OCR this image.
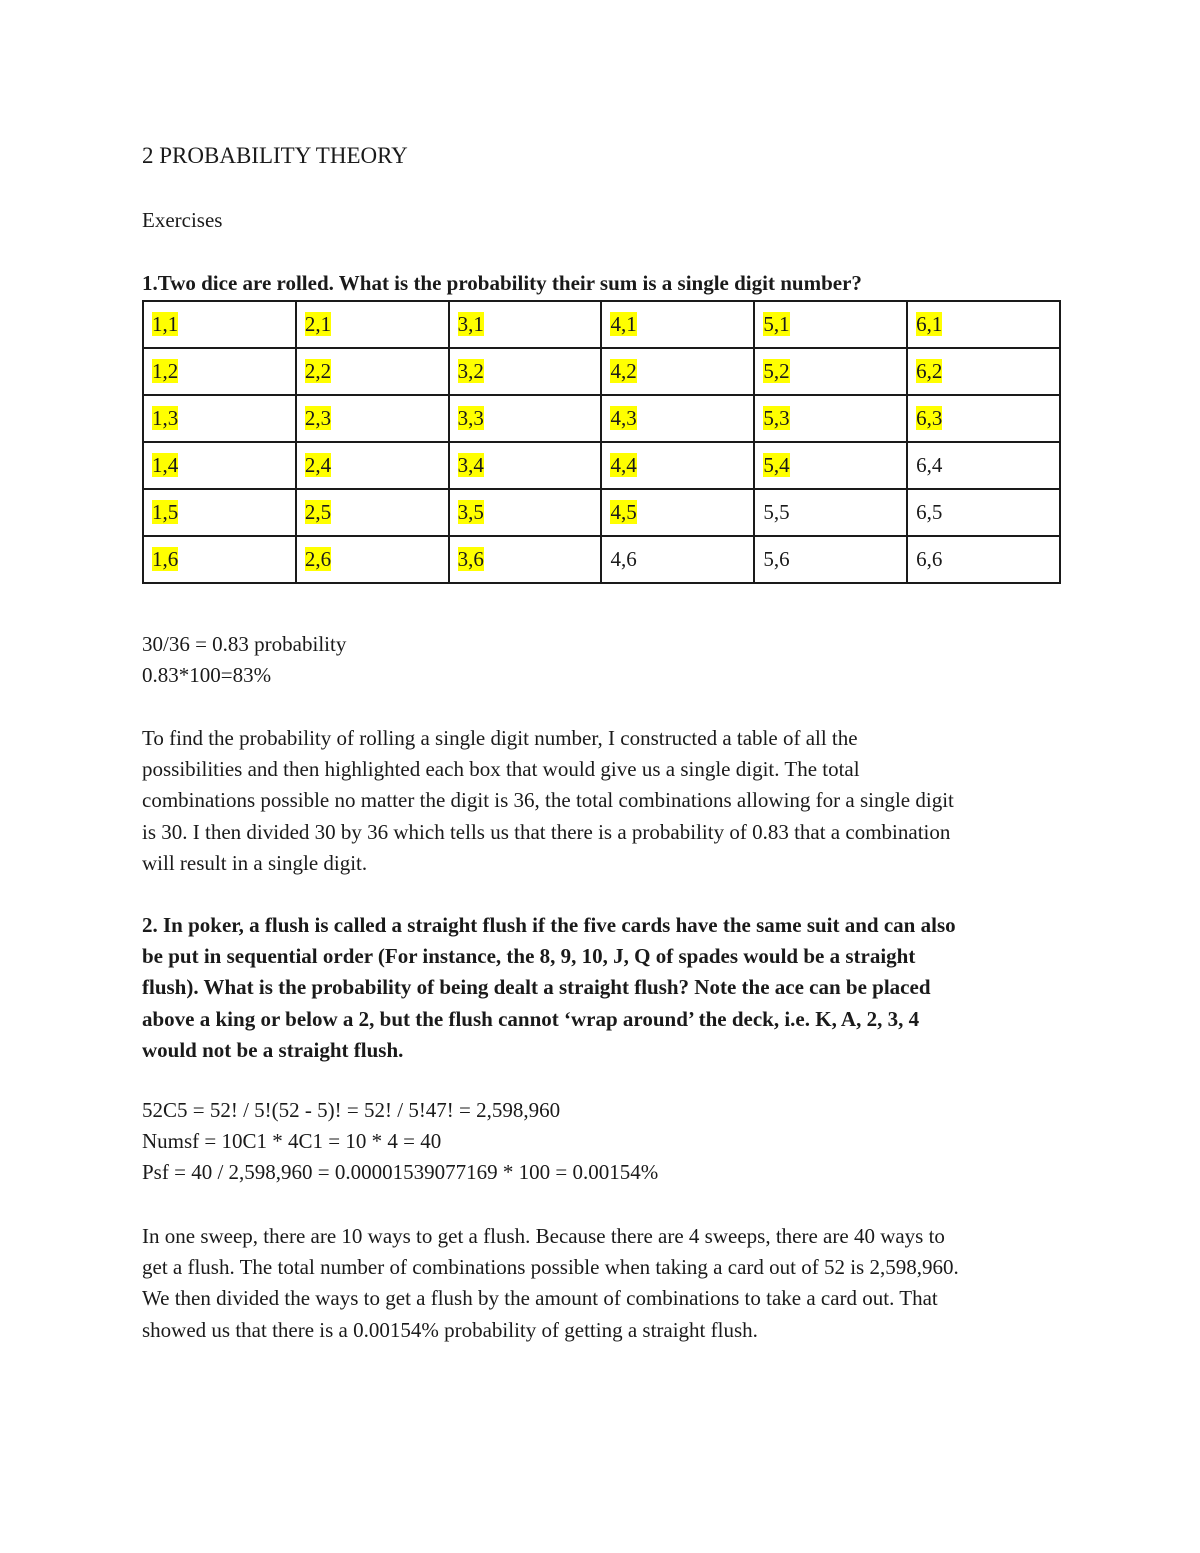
2 PROBABILITY THEORY
Exercises
1.Two dice are rolled. What is the probability their sum is a single digit number?
1,1	2,1	3,1	4,1	5,1	6,1
1,2	2,2	3,2	4,2	5,2	6,2
1,3	2,3	3,3	4,3	5,3	6,3
1,4	2,4	3,4	4,4	5,4	6,4
1,5	2,5	3,5	4,5	5,5	6,5
1,6	2,6	3,6	4,6	5,6	6,6
30/36 = 0.83 probability
0.83*100=83%
To find the probability of rolling a single digit number, I constructed a table of all the
possibilities and then highlighted each box that would give us a single digit. The total
combinations possible no matter the digit is 36, the total combinations allowing for a single digit
is 30. I then divided 30 by 36 which tells us that there is a probability of 0.83 that a combination
will result in a single digit.
2. In poker, a flush is called a straight flush if the five cards have the same suit and can also
be put in sequential order (For instance, the 8, 9, 10, J, Q of spades would be a straight
flush). What is the probability of being dealt a straight flush? Note the ace can be placed
above a king or below a 2, but the flush cannot ‘wrap around’ the deck, i.e. K, A, 2, 3, 4
would not be a straight flush.
52C5 = 52! / 5!(52 - 5)! = 52! / 5!47! = 2,598,960
Numsf = 10C1 * 4C1 = 10 * 4 = 40
Psf = 40 / 2,598,960 = 0.00001539077169 * 100 = 0.00154%
In one sweep, there are 10 ways to get a flush. Because there are 4 sweeps, there are 40 ways to
get a flush. The total number of combinations possible when taking a card out of 52 is 2,598,960.
We then divided the ways to get a flush by the amount of combinations to take a card out. That
showed us that there is a 0.00154% probability of getting a straight flush.
